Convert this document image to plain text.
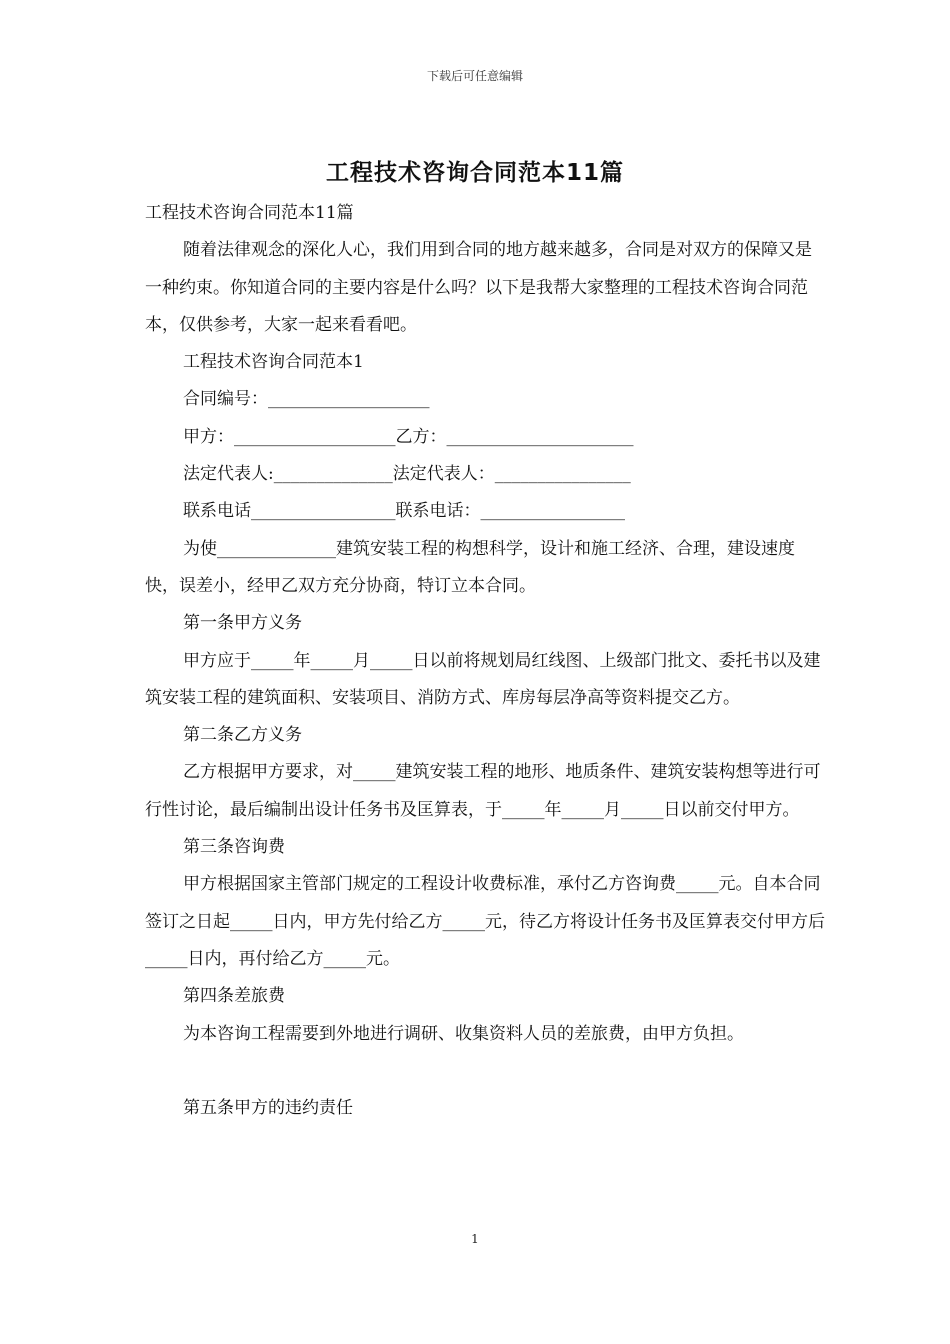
下载后可任意编辑
工程技术咨询合同范本11篇

工程技术咨询合同范本11篇

随着法律观念的深化人心，我们用到合同的地方越来越多，合同是对双方的保障又是一种约束。你知道合同的主要内容是什么吗？以下是我帮大家整理的工程技术咨询合同范本，仅供参考，大家一起来看看吧。

工程技术咨询合同范本1

合同编号：___________________

甲方：___________________乙方：______________________

法定代表人:______________法定代表人：________________

联系电话_________________联系电话：_________________

为使______________建筑安装工程的构想科学，设计和施工经济、合理，建设速度快，误差小，经甲乙双方充分协商，特订立本合同。

第一条甲方义务

甲方应于_____年_____月_____日以前将规划局红线图、上级部门批文、委托书以及建筑安装工程的建筑面积、安装项目、消防方式、库房每层净高等资料提交乙方。

第二条乙方义务

乙方根据甲方要求，对_____建筑安装工程的地形、地质条件、建筑安装构想等进行可行性讨论，最后编制出设计任务书及匡算表，于_____年_____月_____日以前交付甲方。

第三条咨询费

甲方根据国家主管部门规定的工程设计收费标准，承付乙方咨询费_____元。自本合同签订之日起_____日内，甲方先付给乙方_____元，待乙方将设计任务书及匡算表交付甲方后_____日内，再付给乙方_____元。

第四条差旅费

为本咨询工程需要到外地进行调研、收集资料人员的差旅费，由甲方负担。

第五条甲方的违约责任

1
